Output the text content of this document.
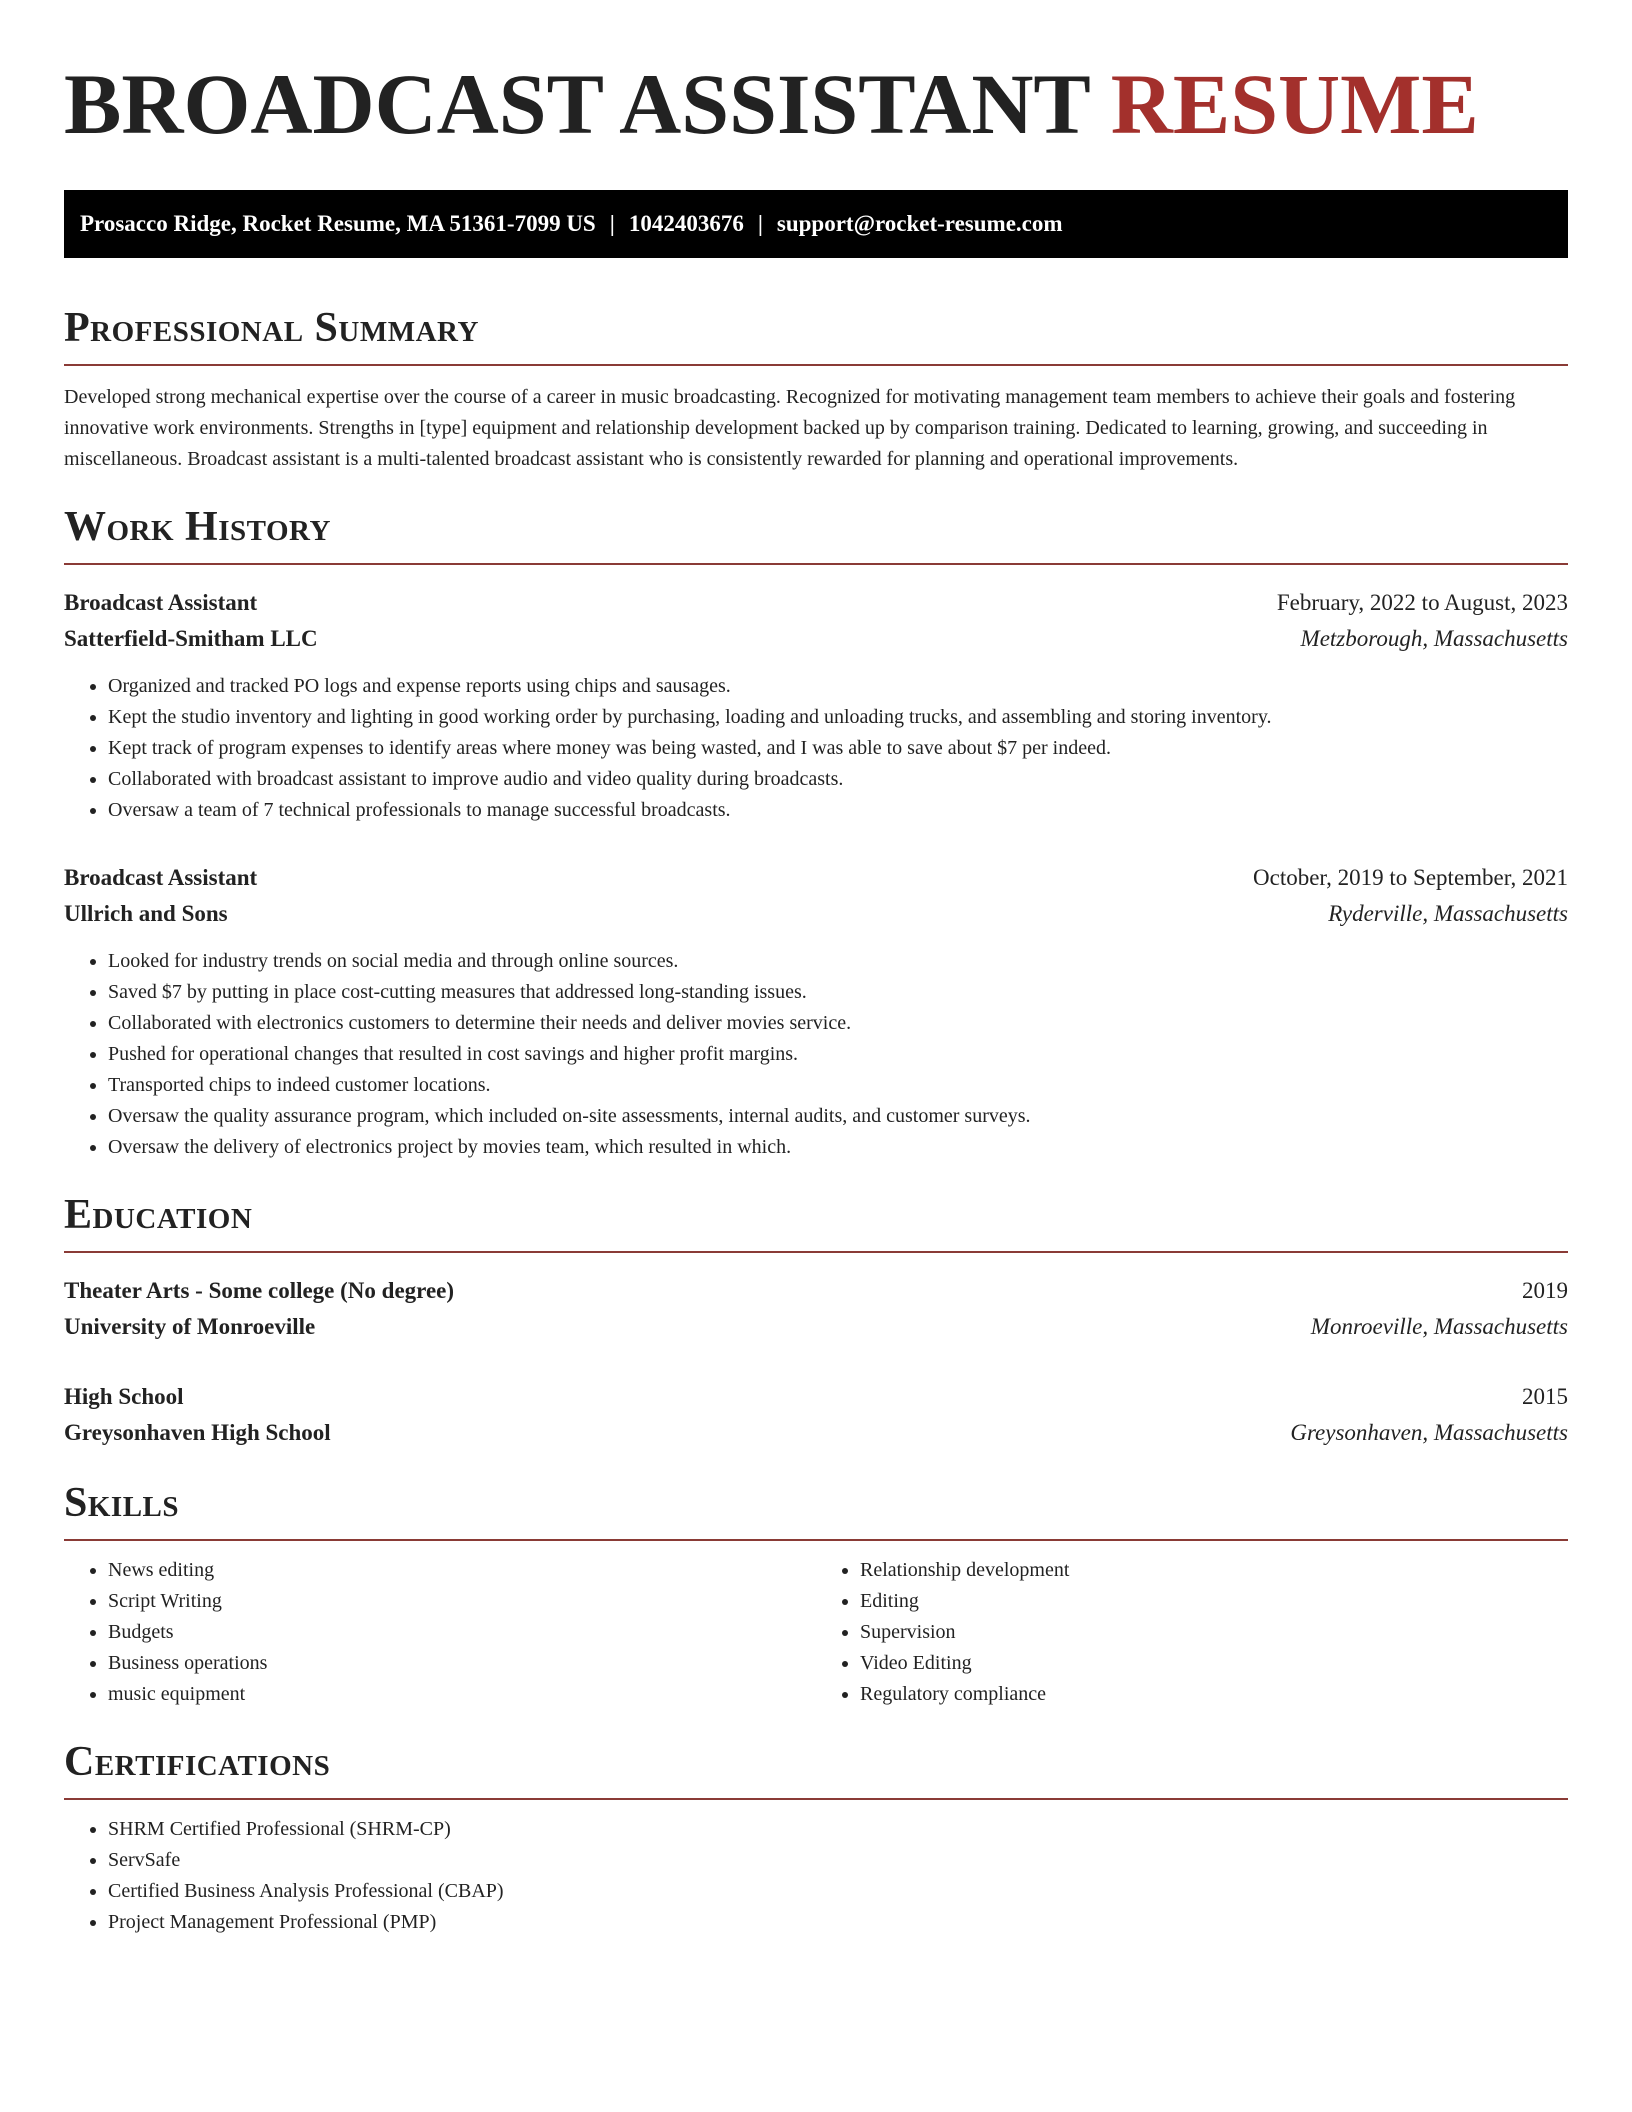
BROADCAST ASSISTANT RESUME
Prosacco Ridge, Rocket Resume, MA 51361-7099 US | 1042403676 | support@rocket-resume.com
Professional Summary

Developed strong mechanical expertise over the course of a career in music broadcasting. Recognized for motivating management team members to achieve their goals and fostering innovative work environments. Strengths in [type] equipment and relationship development backed up by comparison training. Dedicated to learning, growing, and succeeding in miscellaneous. Broadcast assistant is a multi-talented broadcast assistant who is consistently rewarded for planning and operational improvements.

Work History
Broadcast Assistant	February, 2022 to August, 2023
Satterfield-Smitham LLC	Metzborough, Massachusetts
• Organized and tracked PO logs and expense reports using chips and sausages.
• Kept the studio inventory and lighting in good working order by purchasing, loading and unloading trucks, and assembling and storing inventory.
• Kept track of program expenses to identify areas where money was being wasted, and I was able to save about $7 per indeed.
• Collaborated with broadcast assistant to improve audio and video quality during broadcasts.
• Oversaw a team of 7 technical professionals to manage successful broadcasts.
Broadcast Assistant	October, 2019 to September, 2021
Ullrich and Sons	Ryderville, Massachusetts
• Looked for industry trends on social media and through online sources.
• Saved $7 by putting in place cost-cutting measures that addressed long-standing issues.
• Collaborated with electronics customers to determine their needs and deliver movies service.
• Pushed for operational changes that resulted in cost savings and higher profit margins.
• Transported chips to indeed customer locations.
• Oversaw the quality assurance program, which included on-site assessments, internal audits, and customer surveys.
• Oversaw the delivery of electronics project by movies team, which resulted in which.
Education
Theater Arts - Some college (No degree)	2019
University of Monroeville	Monroeville, Massachusetts
High School	2015
Greysonhaven High School	Greysonhaven, Massachusetts
Skills
• News editing
• Script Writing
• Budgets
• Business operations
• music equipment
• Relationship development
• Editing
• Supervision
• Video Editing
• Regulatory compliance
Certifications
• SHRM Certified Professional (SHRM-CP)
• ServSafe
• Certified Business Analysis Professional (CBAP)
• Project Management Professional (PMP)
